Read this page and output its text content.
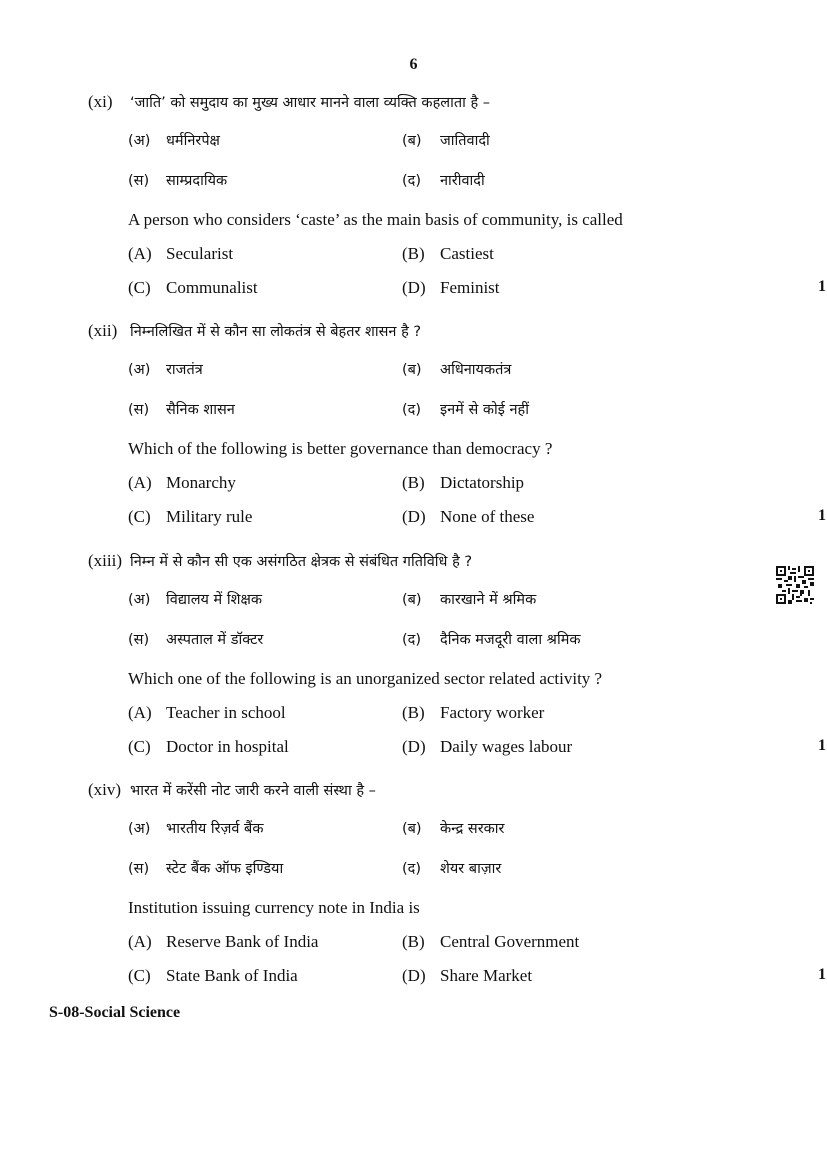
6
(xi)	‘जाति’ को समुदाय का मुख्य आधार मानने वाला व्यक्ति कहलाता है –
(अ)	धर्मनिरपेक्ष	(ब)	जातिवादी
(स)	साम्प्रदायिक	(द)	नारीवादी
A person who considers ‘caste’ as the main basis of community, is called
(A) Secularist	(B) Castiest
(C) Communalist	(D) Feminist	1
(xii) निम्नलिखित में से कौन सा लोकतंत्र से बेहतर शासन है ?
(अ)	राजतंत्र	(ब)	अधिनायकतंत्र
(स)	सैनिक शासन	(द)	इनमें से कोई नहीं
Which of the following is better governance than democracy ?
(A) Monarchy	(B) Dictatorship
(C) Military rule	(D) None of these	1
(xiii) निम्न में से कौन सी एक असंगठित क्षेत्रक से संबंधित गतिविधि है ?
(अ)	विद्यालय में शिक्षक	(ब)	कारखाने में श्रमिक
(स)	अस्पताल में डॉक्टर	(द)	दैनिक मजदूरी वाला श्रमिक
Which one of the following is an unorganized sector related activity ?
(A) Teacher in school	(B) Factory worker
(C) Doctor in hospital	(D) Daily wages labour	1
(xiv) भारत में करेंसी नोट जारी करने वाली संस्था है –
(अ)	भारतीय रिज़र्व बैंक	(ब)	केन्द्र सरकार
(स)	स्टेट बैंक ऑफ इण्डिया	(द)	शेयर बाज़ार
Institution issuing currency note in India is
(A) Reserve Bank of India	(B) Central Government
(C) State Bank of India	(D) Share Market	1
S-08-Social Science
